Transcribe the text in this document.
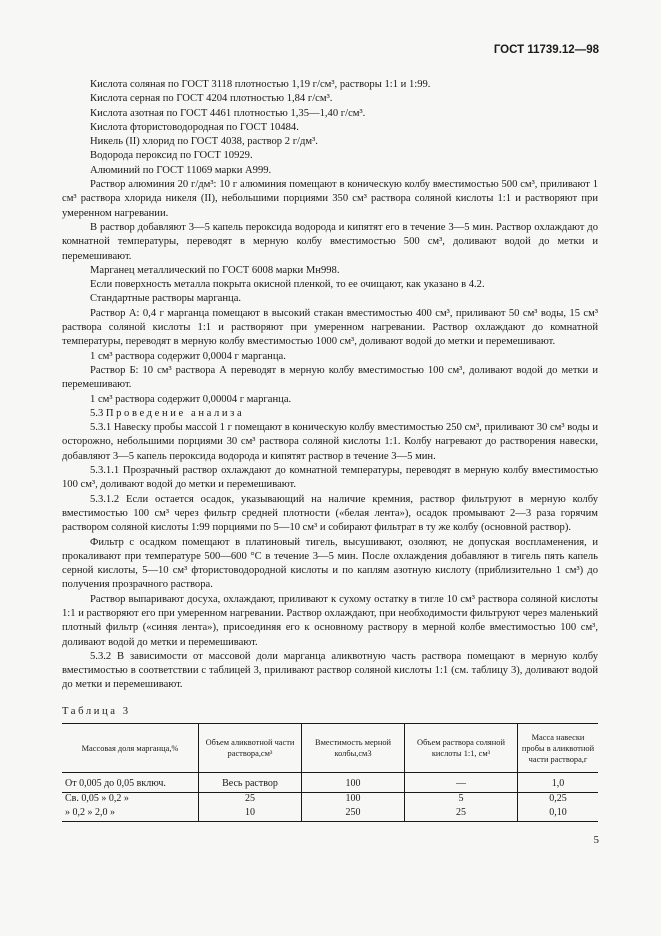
ГОСТ 11739.12—98

Кислота соляная по ГОСТ 3118 плотностью 1,19 г/см³, растворы 1:1 и 1:99.

Кислота серная по ГОСТ 4204 плотностью 1,84 г/см³.

Кислота азотная по ГОСТ 4461 плотностью 1,35—1,40 г/см³.

Кислота фтористоводородная по ГОСТ 10484.

Никель (II) хлорид по ГОСТ 4038, раствор 2 г/дм³.

Водорода пероксид по ГОСТ 10929.

Алюминий по ГОСТ 11069 марки А999.

Раствор алюминия 20 г/дм³: 10 г алюминия помещают в коническую колбу вместимостью 500 см³, приливают 1 см³ раствора хлорида никеля (II), небольшими порциями 350 см³ раствора соляной кислоты 1:1 и растворяют при умеренном нагревании.

В раствор добавляют 3—5 капель пероксида водорода и кипятят его в течение 3—5 мин. Раствор охлаждают до комнатной температуры, переводят в мерную колбу вместимостью 500 см³, доливают водой до метки и перемешивают.

Марганец металлический по ГОСТ 6008 марки Мн998.

Если поверхность металла покрыта окисной пленкой, то ее очищают, как указано в 4.2.

Стандартные растворы марганца.

Раствор А: 0,4 г марганца помещают в высокий стакан вместимостью 400 см³, приливают 50 см³ воды, 15 см³ раствора соляной кислоты 1:1 и растворяют при умеренном нагревании. Раствор охлаждают до комнатной температуры, переводят в мерную колбу вместимостью 1000 см³, доливают водой до метки и перемешивают.

1 см³ раствора содержит 0,0004 г марганца.

Раствор Б: 10 см³ раствора А переводят в мерную колбу вместимостью 100 см³, доливают водой до метки и перемешивают.

1 см³ раствора содержит 0,00004 г марганца.

5.3 Проведение анализа

5.3.1 Навеску пробы массой 1 г помещают в коническую колбу вместимостью 250 см³, приливают 30 см³ воды и осторожно, небольшими порциями 30 см³ раствора соляной кислоты 1:1. Колбу нагревают до растворения навески, добавляют 3—5 капель пероксида водорода и кипятят раствор в течение 3—5 мин.

5.3.1.1 Прозрачный раствор охлаждают до комнатной температуры, переводят в мерную колбу вместимостью 100 см³, доливают водой до метки и перемешивают.

5.3.1.2 Если остается осадок, указывающий на наличие кремния, раствор фильтруют в мерную колбу вместимостью 100 см³ через фильтр средней плотности («белая лента»), осадок промывают 2—3 раза горячим раствором соляной кислоты 1:99 порциями по 5—10 см³ и собирают фильтрат в ту же колбу (основной раствор).

Фильтр с осадком помещают в платиновый тигель, высушивают, озоляют, не допуская воспламенения, и прокаливают при температуре 500—600 °С в течение 3—5 мин. После охлаждения добавляют в тигель пять капель серной кислоты, 5—10 см³ фтористоводородной кислоты и по каплям азотную кислоту (приблизительно 1 см³) до получения прозрачного раствора.

Раствор выпаривают досуха, охлаждают, приливают к сухому остатку в тигле 10 см³ раствора соляной кислоты 1:1 и растворяют его при умеренном нагревании. Раствор охлаждают, при необходимости фильтруют через маленький плотный фильтр («синяя лента»), присоединяя его к основному раствору в мерной колбе вместимостью 100 см³, доливают водой до метки и перемешивают.

5.3.2 В зависимости от массовой доли марганца аликвотную часть раствора помещают в мерную колбу вместимостью в соответствии с таблицей 3, приливают раствор соляной кислоты 1:1 (см. таблицу 3), доливают водой до метки и перемешивают.

Таблица 3
Массовая доля марганца,%	Объем аликвотной части раствора,см³	Вместимость мерной колбы,см3	Объем раствора соляной кислоты 1:1, см³	Масса навески пробы в аликвотной части раствора,г
От 0,005 до 0,05 включ.	Весь раствор	100	—	1,0
Св. 0,05 » 0,2 »	25	100	5	0,25
» 0,2 » 2,0 »	10	250	25	0,10
5
